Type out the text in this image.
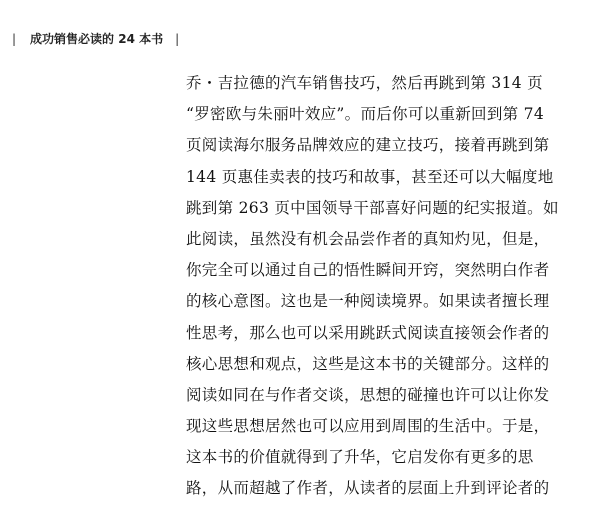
| 成功销售必读的 24 本书 |
乔・吉拉德的汽车销售技巧，然后再跳到第 314 页
“罗密欧与朱丽叶效应”。而后你可以重新回到第 74
页阅读海尔服务品牌效应的建立技巧，接着再跳到第
144 页惠佳卖表的技巧和故事，甚至还可以大幅度地
跳到第 263 页中国领导干部喜好问题的纪实报道。如
此阅读，虽然没有机会品尝作者的真知灼见，但是，
你完全可以通过自己的悟性瞬间开窍，突然明白作者
的核心意图。这也是一种阅读境界。如果读者擅长理
性思考，那么也可以采用跳跃式阅读直接领会作者的
核心思想和观点，这些是这本书的关键部分。这样的
阅读如同在与作者交谈，思想的碰撞也许可以让你发
现这些思想居然也可以应用到周围的生活中。于是，
这本书的价值就得到了升华，它启发你有更多的思
路，从而超越了作者，从读者的层面上升到评论者的
